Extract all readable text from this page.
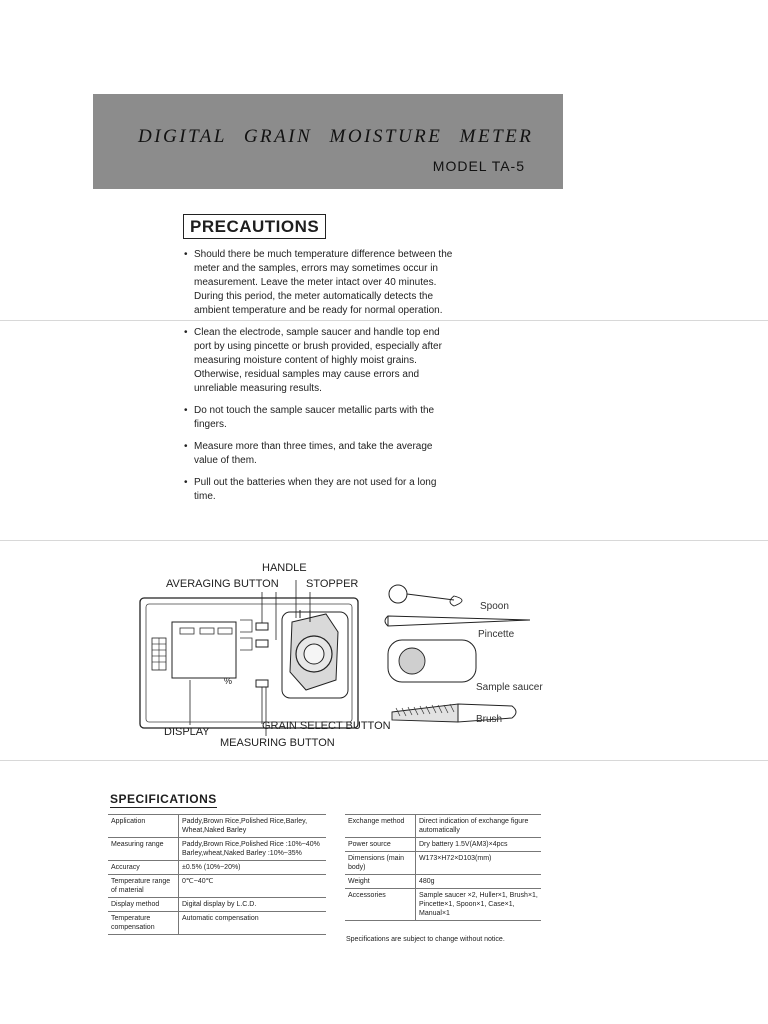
DIGITAL GRAIN MOISTURE METER
MODEL TA-5
PRECAUTIONS
• Should there be much temperature difference between the meter and the samples, errors may sometimes occur in measurement. Leave the meter intact over 40 minutes. During this period, the meter automatically detects the ambient temperature and be ready for normal operation.
• Clean the electrode, sample saucer and handle top end port by using pincette or brush provided, especially after measuring moisture content of highly moist grains. Otherwise, residual samples may cause errors and unreliable measuring results.
• Do not touch the sample saucer metallic parts with the fingers.
• Measure more than three times, and take the average value of them.
• Pull out the batteries when they are not used for a long time.
HANDLE
AVERAGING BUTTON STOPPER
%
DISPLAY	GRAIN SELECT BUTTON
MEASURING BUTTON
Spoon
Pincette
Sample saucer
Brush
SPECIFICATIONS
Application	Paddy,Brown Rice,Polished Rice,Barley, Wheat,Naked Barley
Measuring range	Paddy,Brown Rice,Polished Rice :10%~40% Barley,wheat,Naked Barley :10%~35%
Accuracy	±0.5% (10%~20%)
Temperature range of material	0℃~40℃
Display method	Digital display by L.C.D.
Temperature compensation	Automatic compensation
Exchange method	Direct indication of exchange figure automatically
Power source	Dry battery 1.5V(AM3)×4pcs
Dimensions (main body)	W173×H72×D103(mm)
Weight	480g
Accessories	Sample saucer ×2, Huller×1, Brush×1, Pincette×1, Spoon×1, Case×1, Manual×1
Specifications are subject to change without notice.
